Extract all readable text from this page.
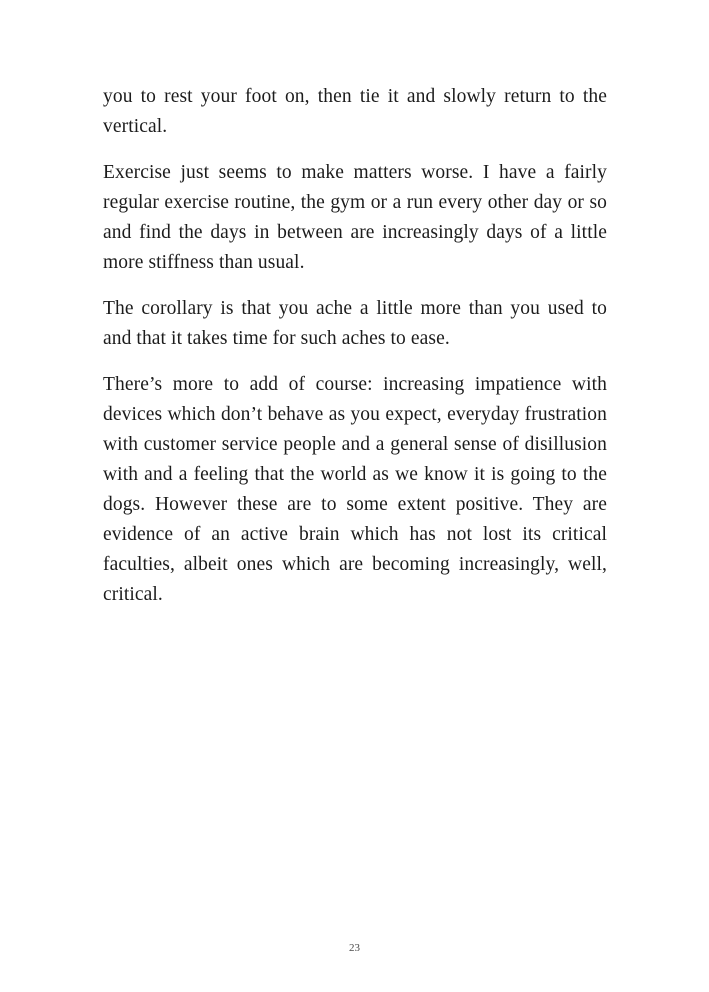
you to rest your foot on, then tie it and slowly return to the vertical.

Exercise just seems to make matters worse. I have a fairly regular exercise routine, the gym or a run every other day or so and find the days in between are increasingly days of a little more stiffness than usual.

The corollary is that you ache a little more than you used to and that it takes time for such aches to ease.

There’s more to add of course: increasing impatience with devices which don’t behave as you expect, everyday frustration with customer service people and a general sense of disillusion with and a feeling that the world as we know it is going to the dogs. However these are to some extent positive. They are evidence of an active brain which has not lost its critical faculties, albeit ones which are becoming increasingly, well, critical.

23
